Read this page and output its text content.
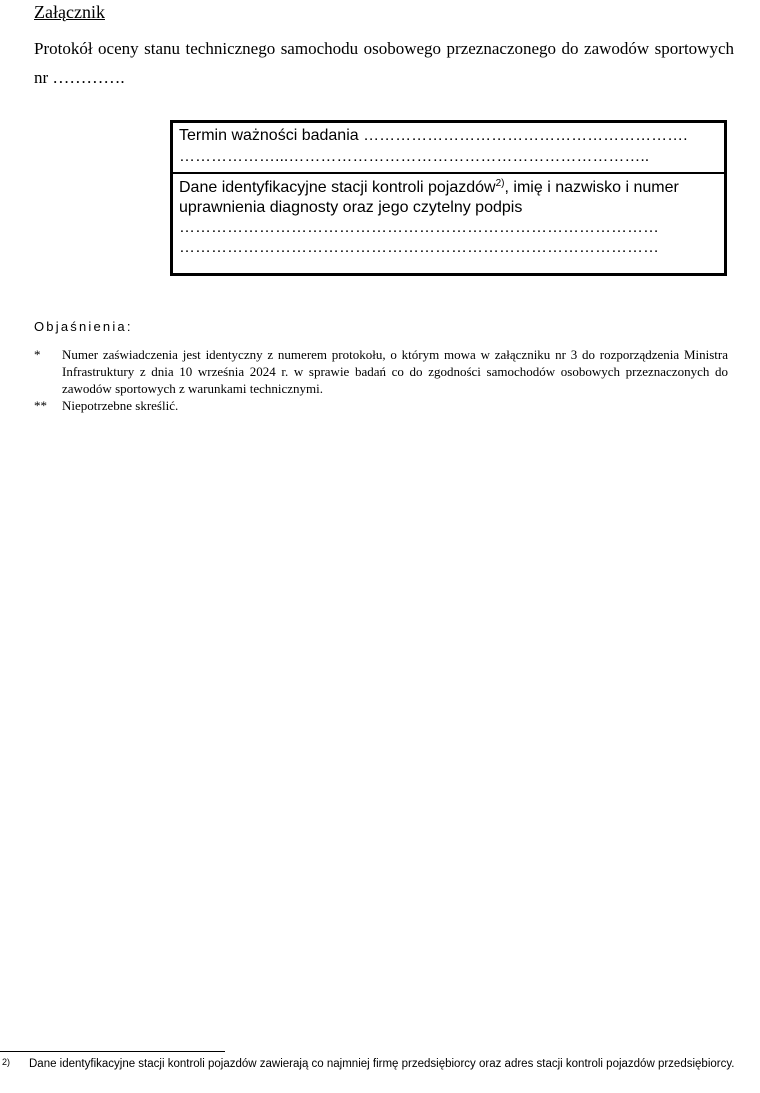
Załącznik

Protokół oceny stanu technicznego samochodu osobowego przeznaczonego do zawodów sportowych nr ………….

Termin ważności badania …………………………………………………….
………………...…………………………………………………………..
Dane identyfikacyjne stacji kontroli pojazdów$^{2)}$, imię i nazwisko i numer
uprawnienia diagnosty oraz jego czytelny podpis
………………………………………………………………………………
………………………………………………………………………………
Objaśnienia:
*	Numer zaświadczenia jest identyczny z numerem protokołu, o którym mowa w załączniku nr 3 do rozporządzenia Ministra Infrastruktury z dnia 10 września 2024 r. w sprawie badań co do zgodności samochodów osobowych przeznaczonych do zawodów sportowych z warunkami technicznymi.
**	Niepotrzebne skreślić.
2)	Dane identyfikacyjne stacji kontroli pojazdów zawierają co najmniej firmę przedsiębiorcy oraz adres stacji kontroli pojazdów przedsiębiorcy.
